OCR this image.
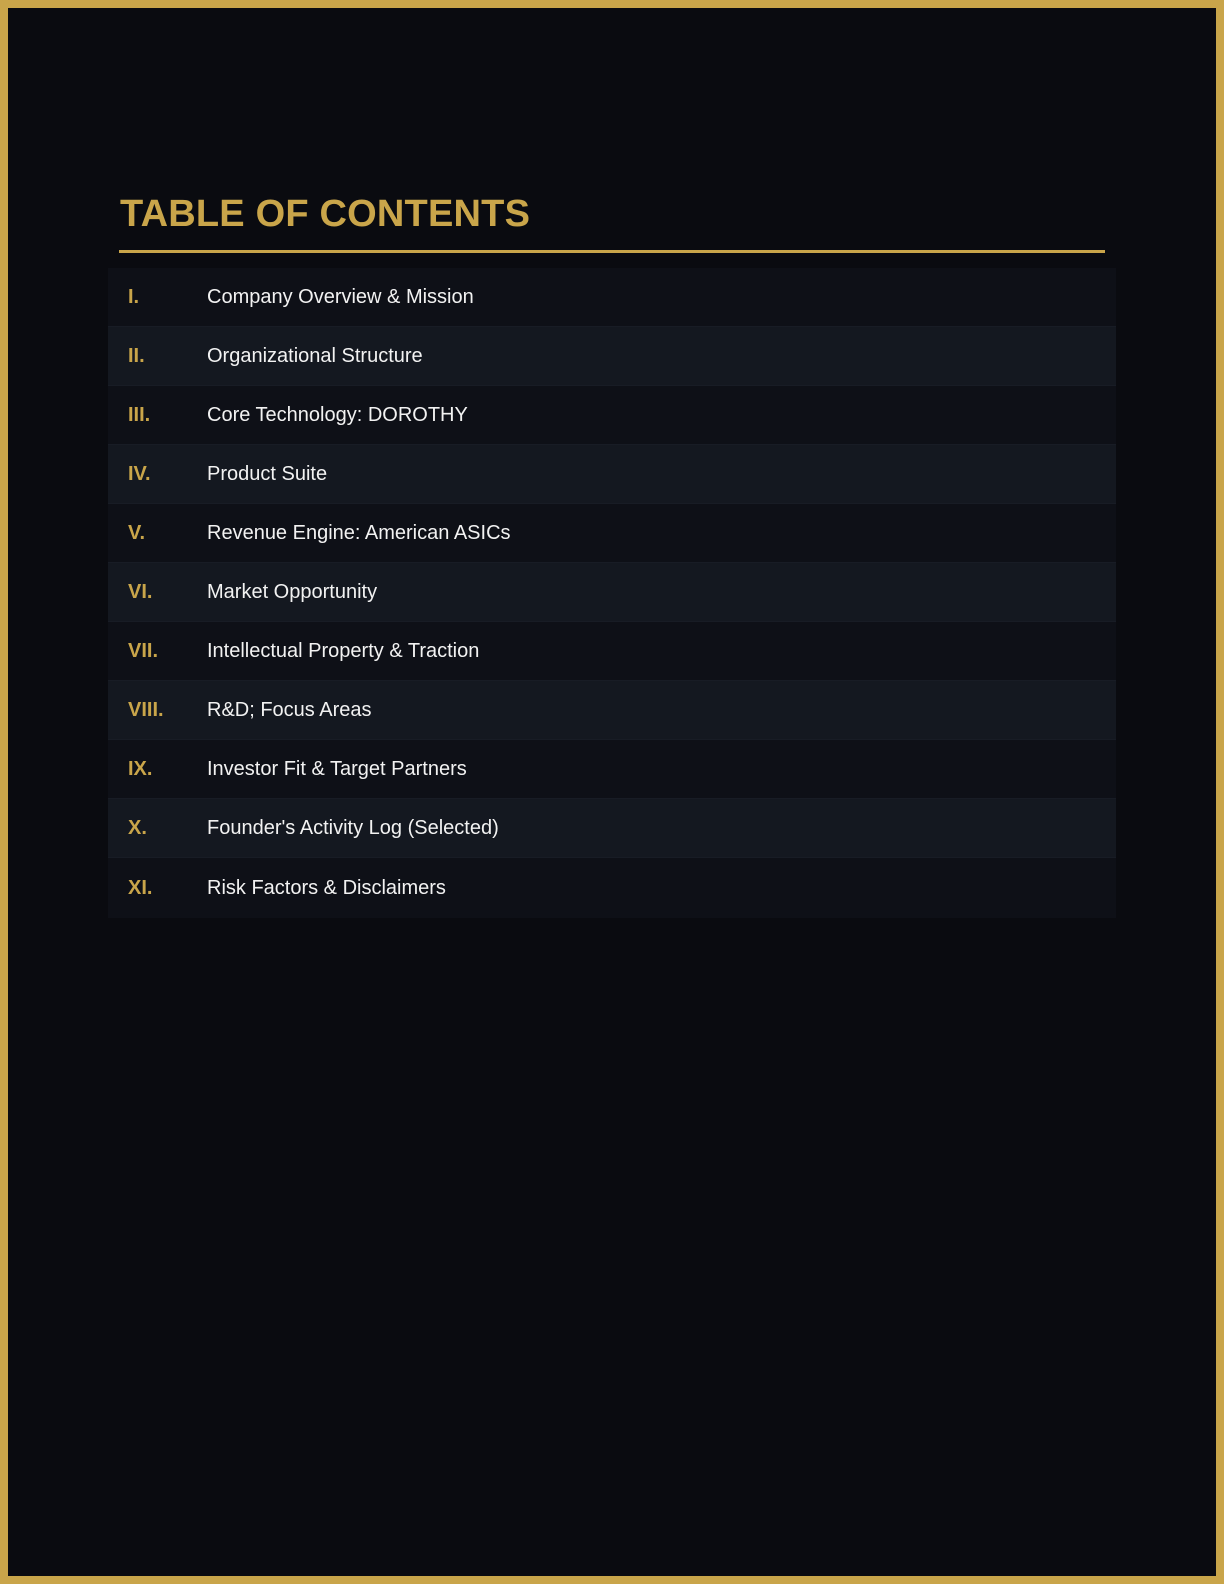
TABLE OF CONTENTS
I.	Company Overview & Mission
II.	Organizational Structure
III.	Core Technology: DOROTHY
IV.	Product Suite
V.	Revenue Engine: American ASICs
VI.	Market Opportunity
VII. Intellectual Property & Traction
VIII. R&D; Focus Areas
IX.	Investor Fit & Target Partners
X.	Founder's Activity Log (Selected)
XI.	Risk Factors & Disclaimers
